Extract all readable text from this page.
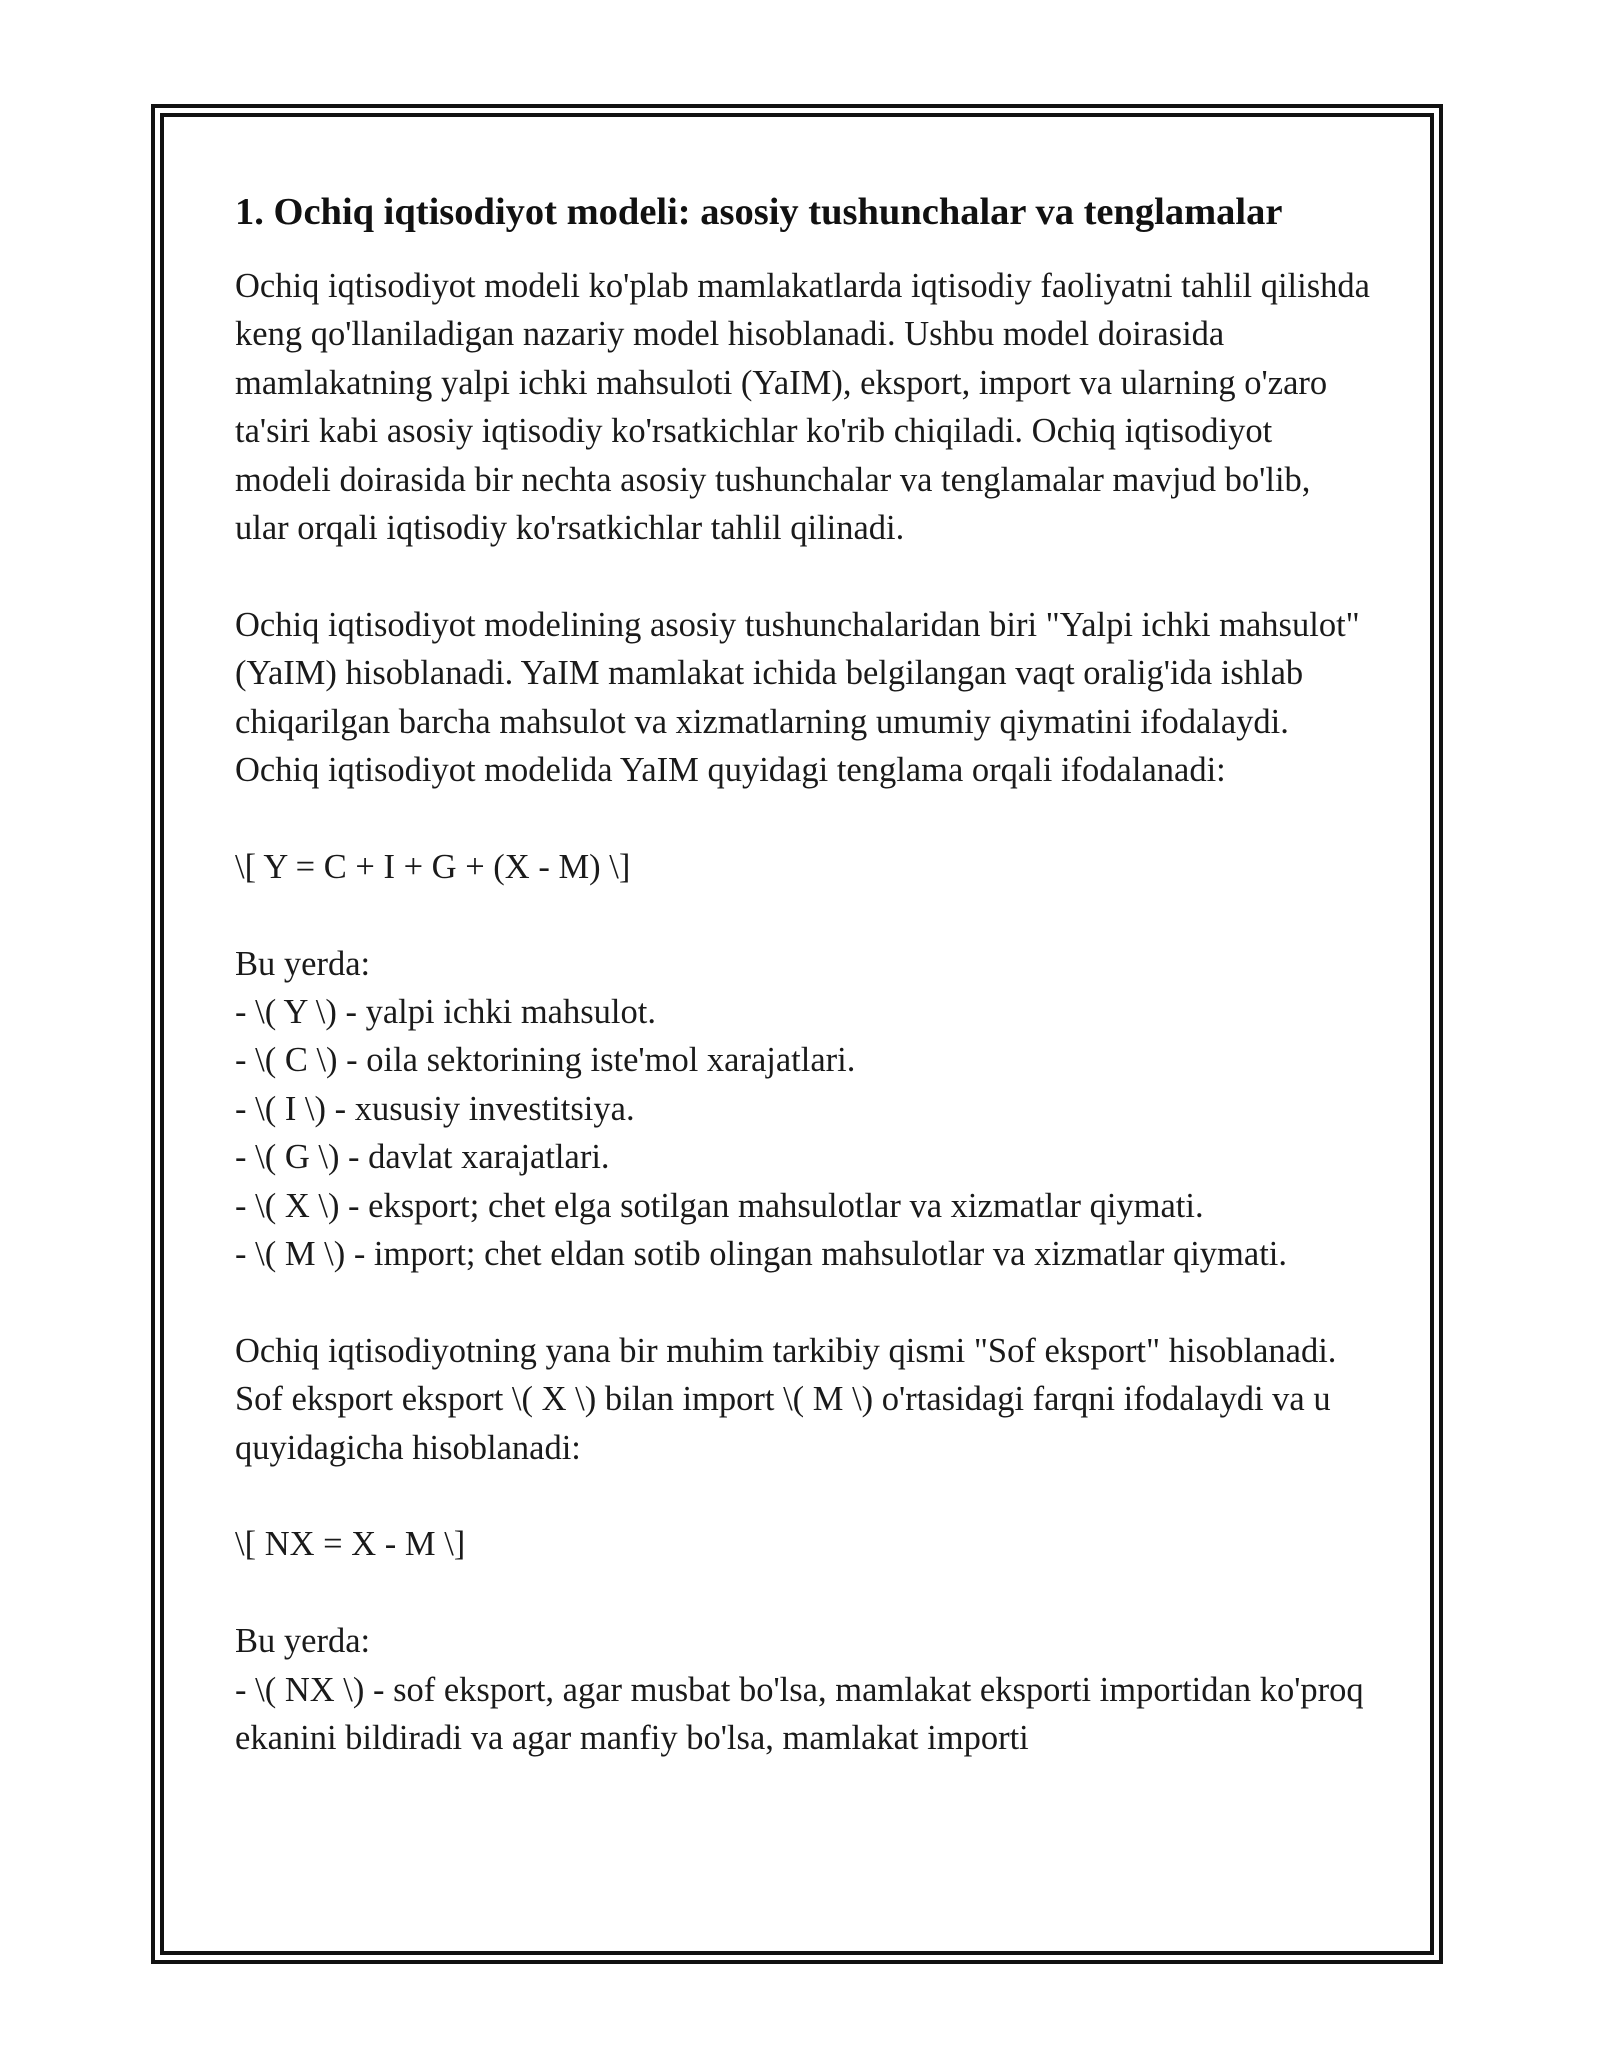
1. Ochiq iqtisodiyot modeli: asosiy tushunchalar va tenglamalar

Ochiq iqtisodiyot modeli ko'plab mamlakatlarda iqtisodiy faoliyatni tahlil qilishda keng qo'llaniladigan nazariy model hisoblanadi. Ushbu model doirasida mamlakatning yalpi ichki mahsuloti (YaIM), eksport, import va ularning o'zaro ta'siri kabi asosiy iqtisodiy ko'rsatkichlar ko'rib chiqiladi. Ochiq iqtisodiyot modeli doirasida bir nechta asosiy tushunchalar va tenglamalar mavjud bo'lib, ular orqali iqtisodiy ko'rsatkichlar tahlil qilinadi.

Ochiq iqtisodiyot modelining asosiy tushunchalaridan biri "Yalpi ichki mahsulot" (YaIM) hisoblanadi. YaIM mamlakat ichida belgilangan vaqt oralig'ida ishlab chiqarilgan barcha mahsulot va xizmatlarning umumiy qiymatini ifodalaydi. Ochiq iqtisodiyot modelida YaIM quyidagi tenglama orqali ifodalanadi:

\[ Y = C + I + G + (X - M) \]

Bu yerda:

- \( Y \) - yalpi ichki mahsulot.

- \( C \) - oila sektorining iste'mol xarajatlari.

- \( I \) - xususiy investitsiya.

- \( G \) - davlat xarajatlari.

- \( X \) - eksport; chet elga sotilgan mahsulotlar va xizmatlar qiymati.

- \( M \) - import; chet eldan sotib olingan mahsulotlar va xizmatlar qiymati.

Ochiq iqtisodiyotning yana bir muhim tarkibiy qismi "Sof eksport" hisoblanadi. Sof eksport eksport \( X \) bilan import \( M \) o'rtasidagi farqni ifodalaydi va u quyidagicha hisoblanadi:

\[ NX = X - M \]

Bu yerda:

- \( NX \) - sof eksport, agar musbat bo'lsa, mamlakat eksporti importidan ko'proq ekanini bildiradi va agar manfiy bo'lsa, mamlakat importi
